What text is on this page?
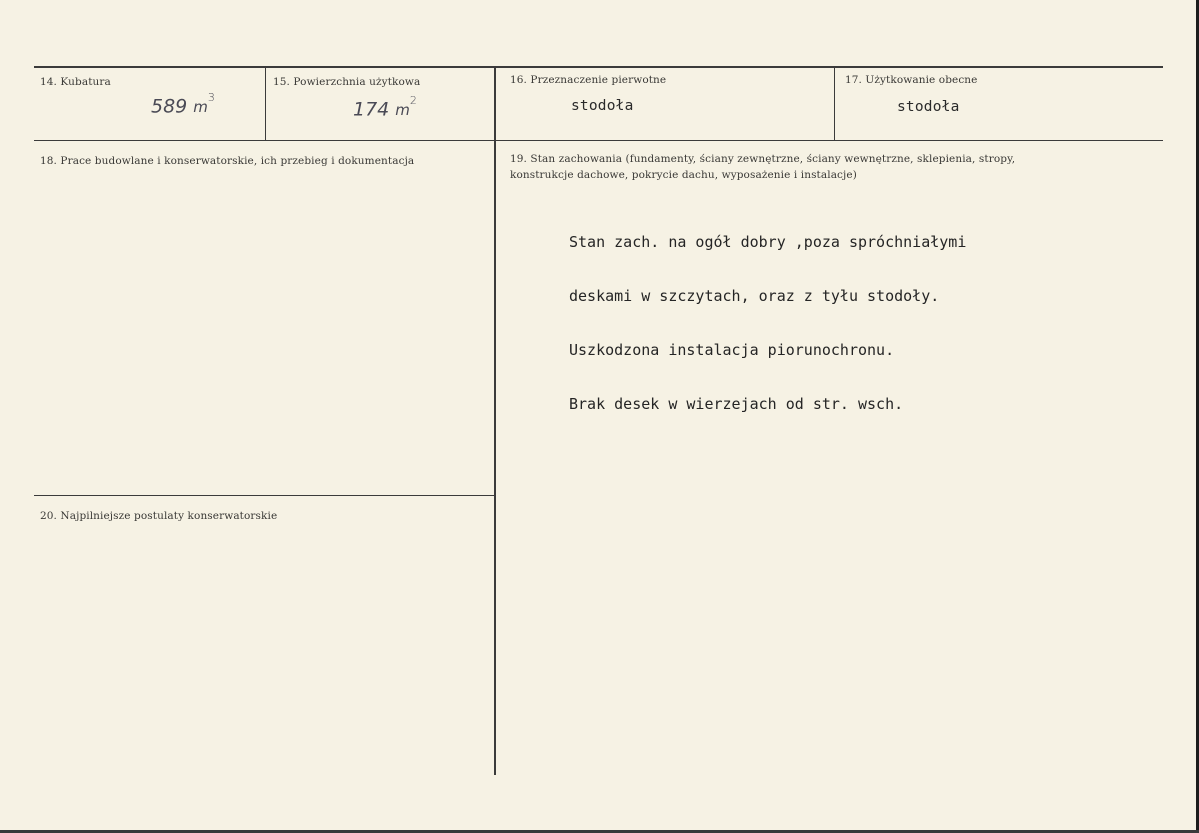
14. Kubatura
589 $m^3$
15. Powierzchnia użytkowa
174 $m^2$
16. Przeznaczenie pierwotne
stodoła
17. Użytkowanie obecne
stodoła
18. Prace budowlane i konserwatorskie, ich przebieg i dokumentacja	19. Stan zachowania (fundamenty, ściany zewnętrzne, ściany wewnętrzne, sklepienia, stropy,
konstrukcje dachowe, pokrycie dachu, wyposażenie i instalacje)

Stan zach. na ogół dobry ,poza spróchniałymi

deskami w szczytach, oraz z tyłu stodoły.

Uszkodzona instalacja piorunochronu.

Brak desek w wierzejach od str. wsch.

20. Najpilniejsze postulaty konserwatorskie
